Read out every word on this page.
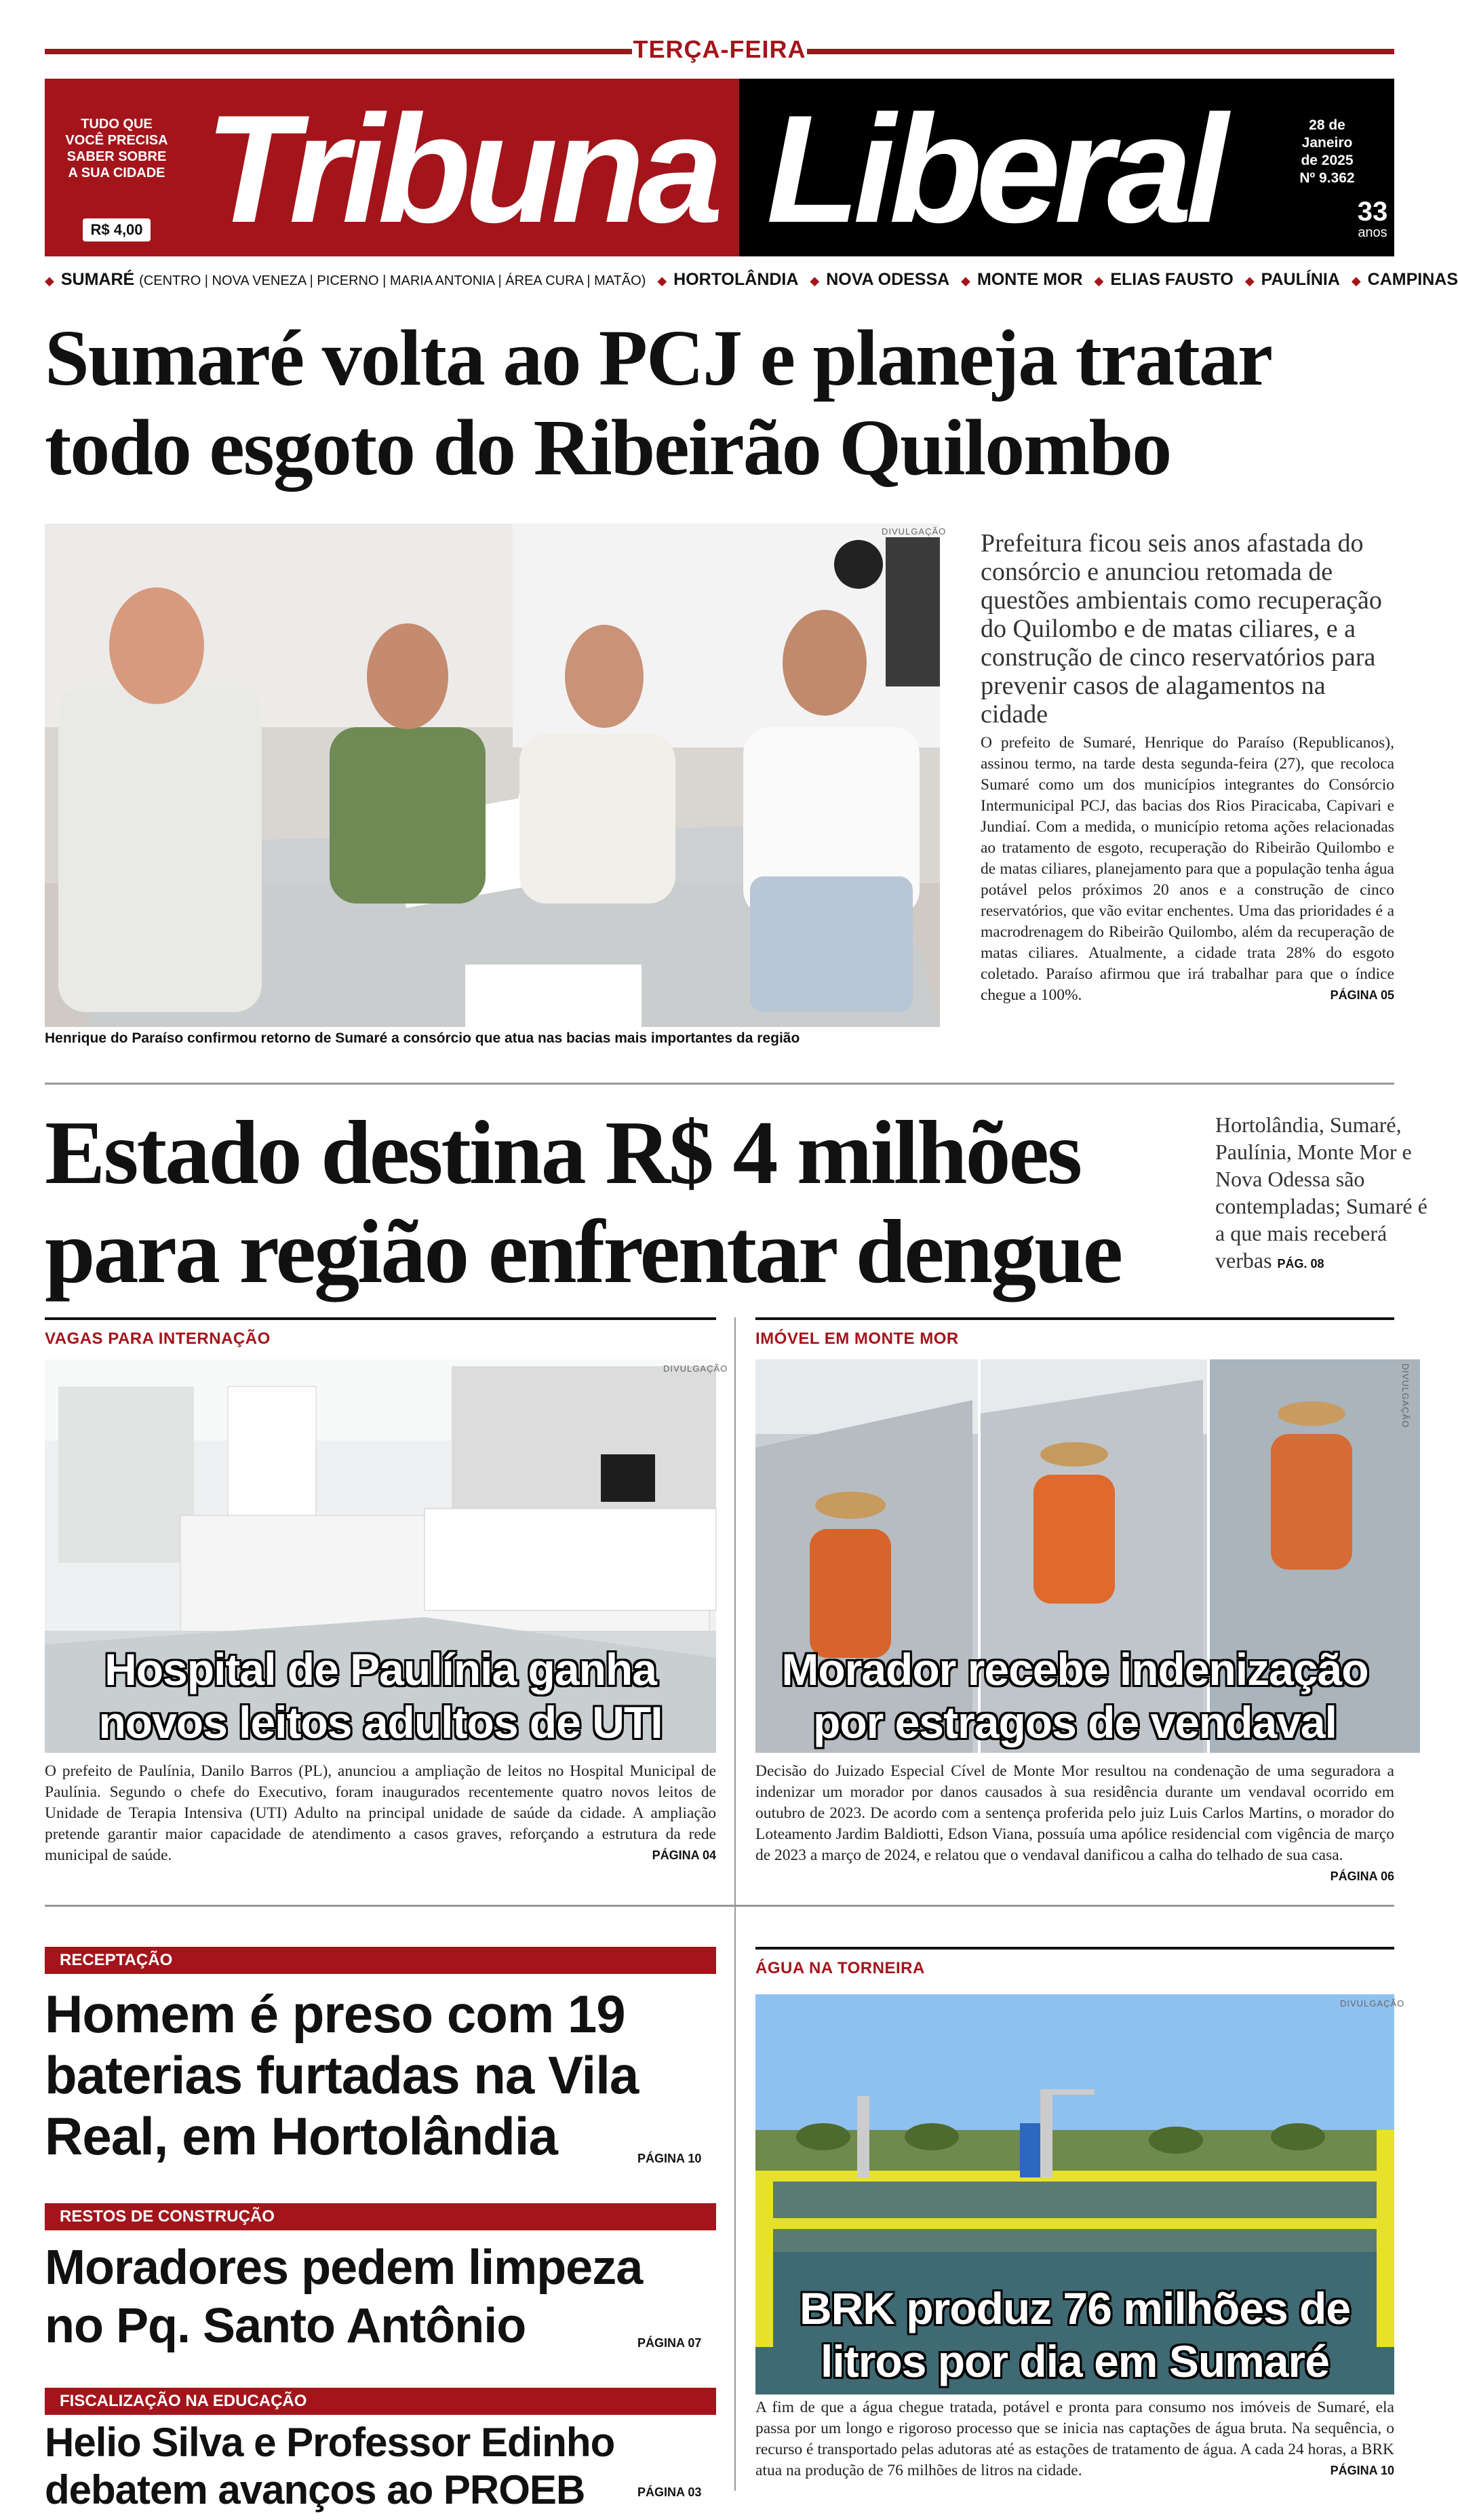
TERÇA-FEIRA
TUDO QUE
VOCÊ PRECISA
SABER SOBRE
A SUA CIDADE
R$ 4,00 Tribuna Liberal	28 de
Janeiro
de 2025
Nº 9.362
33
anos
◆ SUMARÉ (CENTRO | NOVA VENEZA | PICERNO | MARIA ANTONIA | ÁREA CURA | MATÃO) ◆ HORTOLÂNDIA ◆ NOVA ODESSA ◆ MONTE MOR ◆ ELIAS FAUSTO ◆ PAULÍNIA ◆ CAMPINAS
Sumaré volta ao PCJ e planeja tratar
todo esgoto do Ribeirão Quilombo
DIVULGAÇÃO
Henrique do Paraíso confirmou retorno de Sumaré a consórcio que atua nas bacias mais importantes da região
Prefeitura ficou seis anos afastada do consórcio e anunciou retomada de questões ambientais como recuperação do Quilombo e de matas ciliares, e a construção de cinco reservatórios para prevenir casos de alagamentos na cidade
O prefeito de Sumaré, Henrique do Paraíso (Republicanos), assinou termo, na tarde desta segunda-feira (27), que recoloca Sumaré como um dos municípios integrantes do Consórcio Intermunicipal PCJ, das bacias dos Rios Piracicaba, Capivari e Jundiaí. Com a medida, o município retoma ações relacionadas ao tratamento de esgoto, recuperação do Ribeirão Quilombo e de matas ciliares, planejamento para que a população tenha água potável pelos próximos 20 anos e a construção de cinco reservatórios, que vão evitar enchentes. Uma das prioridades é a macrodrenagem do Ribeirão Quilombo, além da recuperação de matas ciliares. Atualmente, a cidade trata 28% do esgoto coletado. Paraíso afirmou que irá trabalhar para que o índice chegue a 100%.	PÁGINA 05
Estado destina R$ 4 milhões
para região enfrentar dengue
Hortolândia, Sumaré, Paulínia, Monte Mor e Nova Odessa são contempladas; Sumaré é a que mais receberá verbas PÁG. 08
VAGAS PARA INTERNAÇÃO
DIVULGAÇÃO
Hospital de Paulínia ganha
novos leitos adultos de UTI
O prefeito de Paulínia, Danilo Barros (PL), anunciou a ampliação de leitos no Hospital Municipal de Paulínia. Segundo o chefe do Executivo, foram inaugurados recentemente quatro novos leitos de Unidade de Terapia Intensiva (UTI) Adulto na principal unidade de saúde da cidade. A ampliação pretende garantir maior capacidade de atendimento a casos graves, reforçando a estrutura da rede municipal de saúde.	PÁGINA 04
IMÓVEL EM MONTE MOR
DIVULGAÇÃO
Morador recebe indenização
por estragos de vendaval
Decisão do Juizado Especial Cível de Monte Mor resultou na condenação de uma seguradora a indenizar um morador por danos causados à sua residência durante um vendaval ocorrido em outubro de 2023. De acordo com a sentença proferida pelo juiz Luis Carlos Martins, o morador do Loteamento Jardim Baldiotti, Edson Viana, possuía uma apólice residencial com vigência de março de 2023 a março de 2024, e relatou que o vendaval danificou a calha do telhado de sua casa.
PÁGINA 06
RECEPTAÇÃO
Homem é preso com 19
baterias furtadas na Vila
Real, em Hortolândia	PÁGINA 10
RESTOS DE CONSTRUÇÃO
Moradores pedem limpeza
no Pq. Santo Antônio	PÁGINA 07
FISCALIZAÇÃO NA EDUCAÇÃO
Helio Silva e Professor Edinho
debatem avanços ao PROEB	PÁGINA 03
ÁGUA NA TORNEIRA
DIVULGAÇÃO
BRK produz 76 milhões de
litros por dia em Sumaré
A fim de que a água chegue tratada, potável e pronta para consumo nos imóveis de Sumaré, ela passa por um longo e rigoroso processo que se inicia nas captações de água bruta. Na sequência, o recurso é transportado pelas adutoras até as estações de tratamento de água. A cada 24 horas, a BRK atua na produção de 76 milhões de litros na cidade.	PÁGINA 10
